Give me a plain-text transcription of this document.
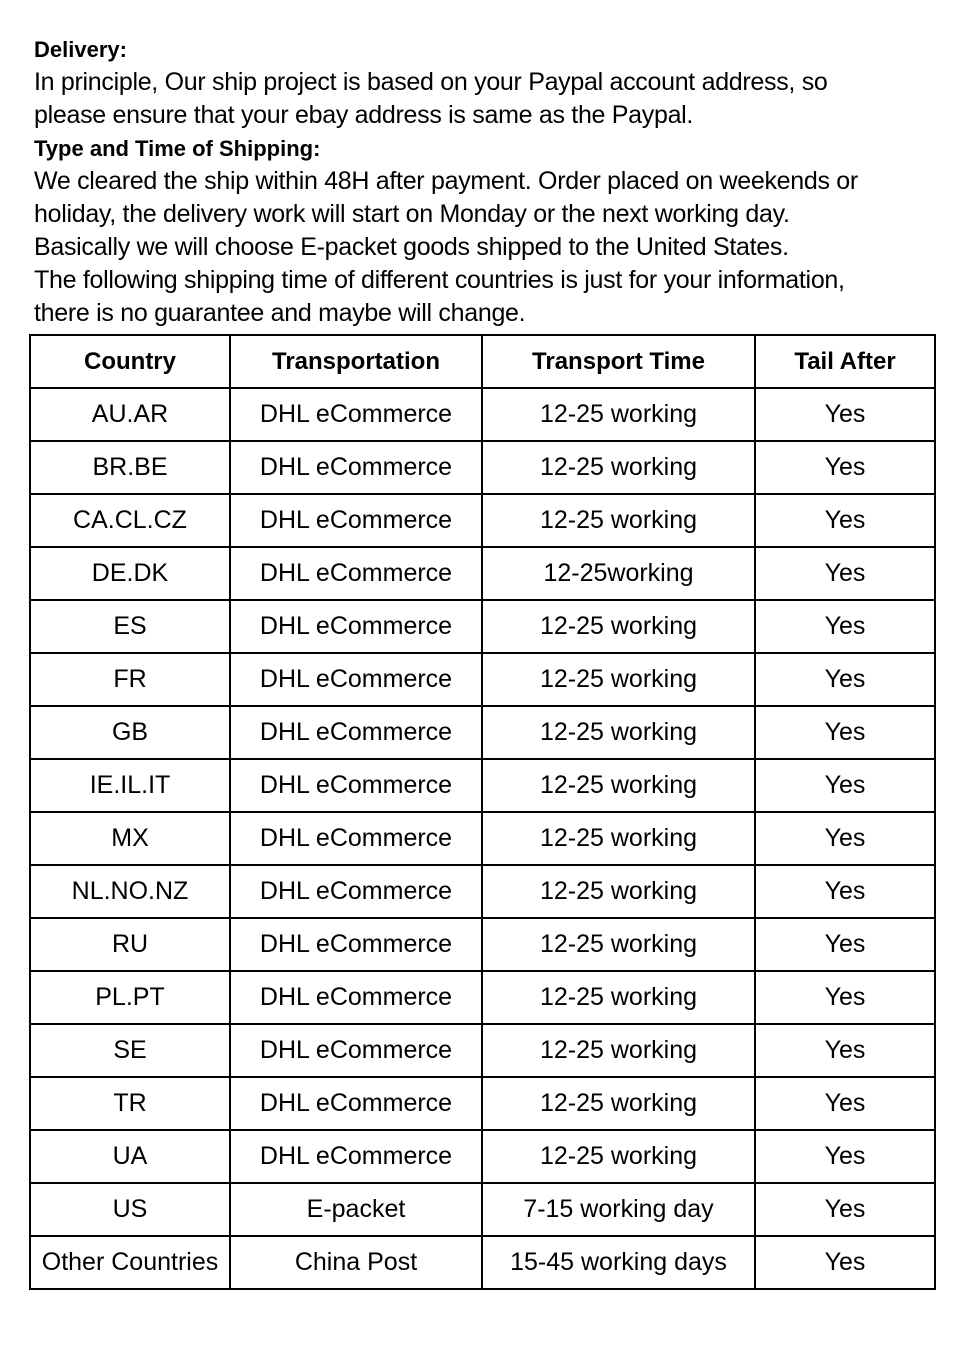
Delivery:
In principle, Our ship project is based on your Paypal account address, so
please ensure that your ebay address is same as the Paypal.
Type and Time of Shipping:
We cleared the ship within 48H after payment. Order placed on weekends or
holiday, the delivery work will start on Monday or the next working day.
Basically we will choose E-packet goods shipped to the United States.
The following shipping time of different countries is just for your information,
there is no guarantee and maybe will change.
Country	Transportation	Transport Time	Tail After
AU.AR	DHL eCommerce	12-25 working	Yes
BR.BE	DHL eCommerce	12-25 working	Yes
CA.CL.CZ	DHL eCommerce	12-25 working	Yes
DE.DK	DHL eCommerce	12-25working	Yes
ES	DHL eCommerce	12-25 working	Yes
FR	DHL eCommerce	12-25 working	Yes
GB	DHL eCommerce	12-25 working	Yes
IE.IL.IT	DHL eCommerce	12-25 working	Yes
MX	DHL eCommerce	12-25 working	Yes
NL.NO.NZ	DHL eCommerce	12-25 working	Yes
RU	DHL eCommerce	12-25 working	Yes
PL.PT	DHL eCommerce	12-25 working	Yes
SE	DHL eCommerce	12-25 working	Yes
TR	DHL eCommerce	12-25 working	Yes
UA	DHL eCommerce	12-25 working	Yes
US	E-packet	7-15 working day	Yes
Other Countries	China Post	15-45 working days	Yes
